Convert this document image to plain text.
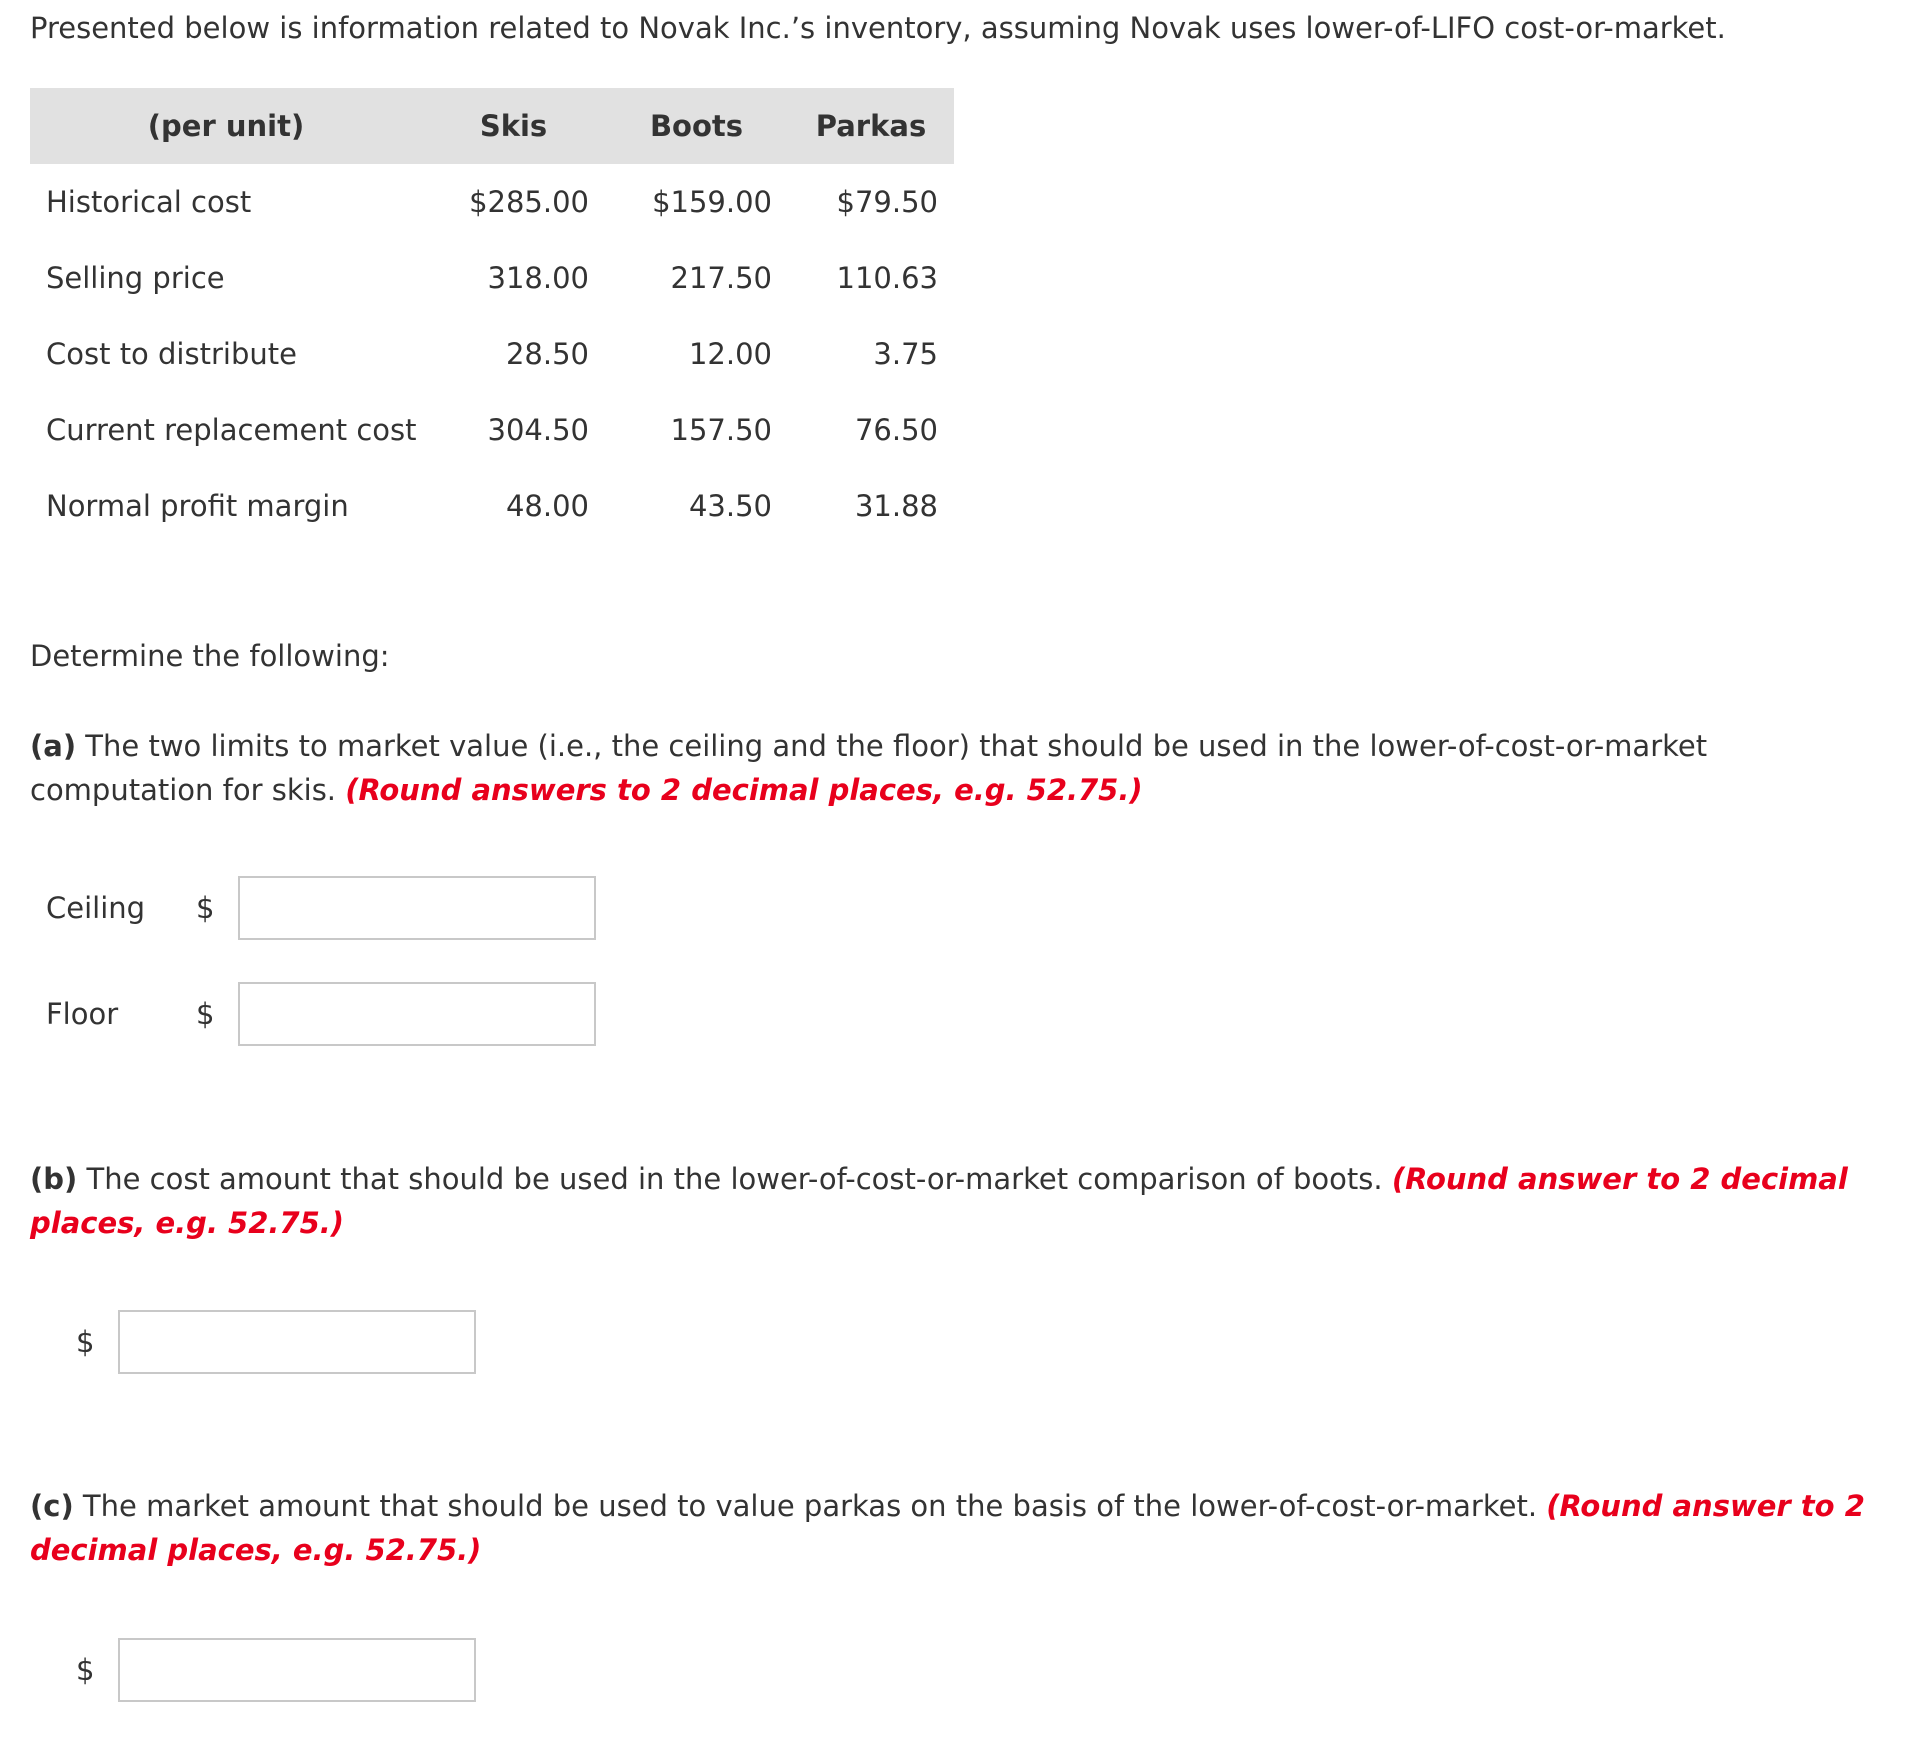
Presented below is information related to Novak Inc.’s inventory, assuming Novak uses lower-of-LIFO cost-or-market.

(per unit)	Skis	Boots	Parkas
Historical cost	$285.00	$159.00	$79.50
Selling price	318.00	217.50	110.63
Cost to distribute	28.50	12.00	3.75
Current replacement cost	304.50	157.50	76.50
Normal profit margin	48.00	43.50	31.88

Determine the following:

(a) The two limits to market value (i.e., the ceiling and the floor) that should be used in the lower-of-cost-or-market computation for skis. (Round answers to 2 decimal places, e.g. 52.75.)

Ceiling	$
Floor	$

(b) The cost amount that should be used in the lower-of-cost-or-market comparison of boots. (Round answer to 2 decimal places, e.g. 52.75.)

$

(c) The market amount that should be used to value parkas on the basis of the lower-of-cost-or-market. (Round answer to 2 decimal places, e.g. 52.75.)

$
